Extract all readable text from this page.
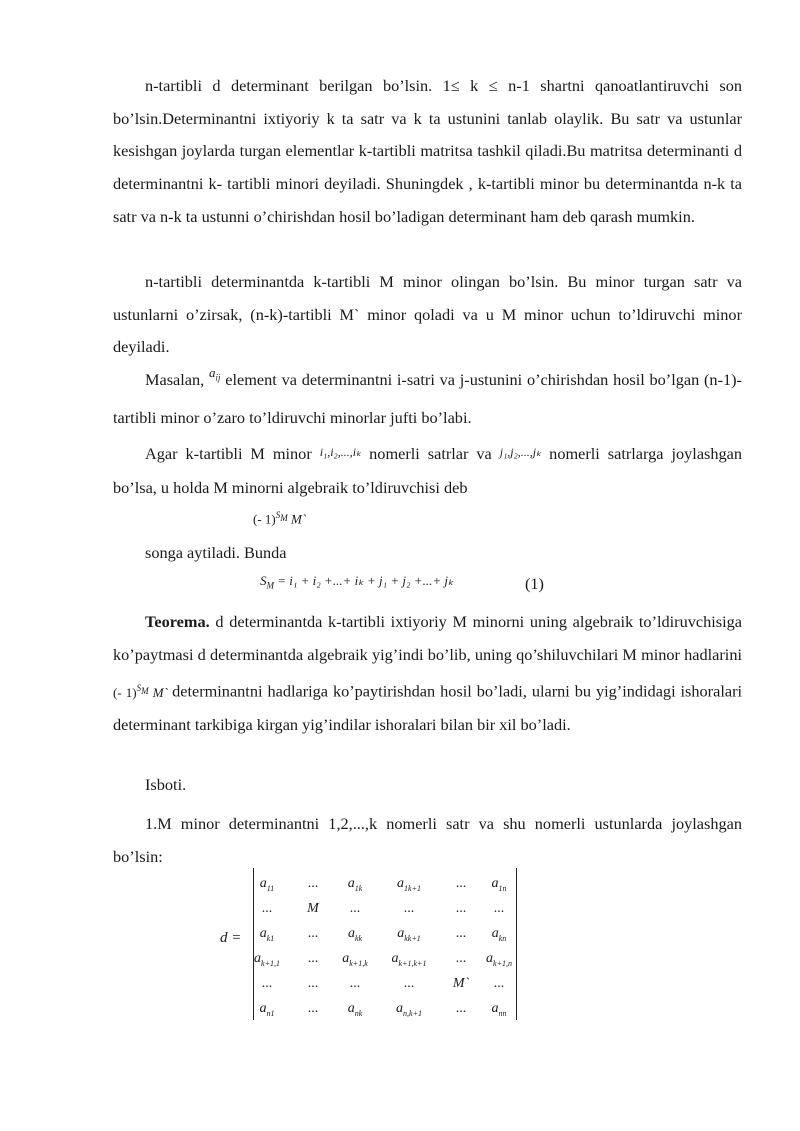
n-tartibli d determinant berilgan bo’lsin. 1≤ k ≤ n-1 shartni qanoatlantiruvchi son bo’lsin.Determinantni ixtiyoriy k ta satr va k ta ustunini tanlab olaylik. Bu satr va ustunlar kesishgan joylarda turgan elementlar k-tartibli matritsa tashkil qiladi.Bu matritsa determinanti d determinantni k- tartibli minori deyiladi. Shuningdek , k-tartibli minor bu determinantda n-k ta satr va n-k ta ustunni o’chirishdan hosil bo’ladigan determinant ham deb qarash mumkin.

n-tartibli determinantda k-tartibli M minor olingan bo’lsin. Bu minor turgan satr va ustunlarni o’zirsak, (n-k)-tartibli M` minor qoladi va u M minor uchun to’ldiruvchi minor deyiladi.

Masalan, $^{a_{ij}}$ element va determinantni i-satri va j-ustunini o’chirishdan hosil bo’lgan (n-1)- tartibli minor o’zaro to’ldiruvchi minorlar jufti bo’labi.
Agar k-tartibli M minor i₁,i₂,...,iₖ nomerli satrlar va j₁,j₂,...,jₖ nomerli satrlarga joylashgan bo’lsa, u holda M minorni algebraik to’ldiruvchisi deb
(- 1)℠ M`
songa aytiladi. Bunda
$S_M = i_1 + i_2$ +...+ iₖ + j₁ + j₂ +...+ jₖ	(1)
Teorema. d determinantda k-tartibli ixtiyoriy M minorni uning algebraik to’ldiruvchisiga ko’paytmasi d determinantda algebraik yig’indi bo’lib, uning qo’shiluvchilari M minor hadlarini (- 1)℠ M` determinantni hadlariga ko’paytirishdan hosil bo’ladi, ularni bu yig’indidagi ishoralari determinant tarkibiga kirgan yig’indilar ishoralari bilan bir xil bo’ladi.
Isboti.

1.M minor determinantni 1,2,...,k nomerli satr va shu nomerli ustunlarda joylashgan bo’lsin:

d =
$a_{11}$	...	$a_{1k}$	$a_{1k+1}$	...	$a_{1n}$
...	M	...	...	...	...
$a_{k1}$	...	$a_{kk}$	$a_{kk+1}$	...	$a_{kn}$
$a_{k+1,1}$	...	$a_{k+1,k}$	$a_{k+1,k+1}$	...	$a_{k+1,n}$
...	...	...	...	M`	...
$a_{n1}$	...	$a_{nk}$	$a_{n,k+1}$	...	$a_{nn}$
